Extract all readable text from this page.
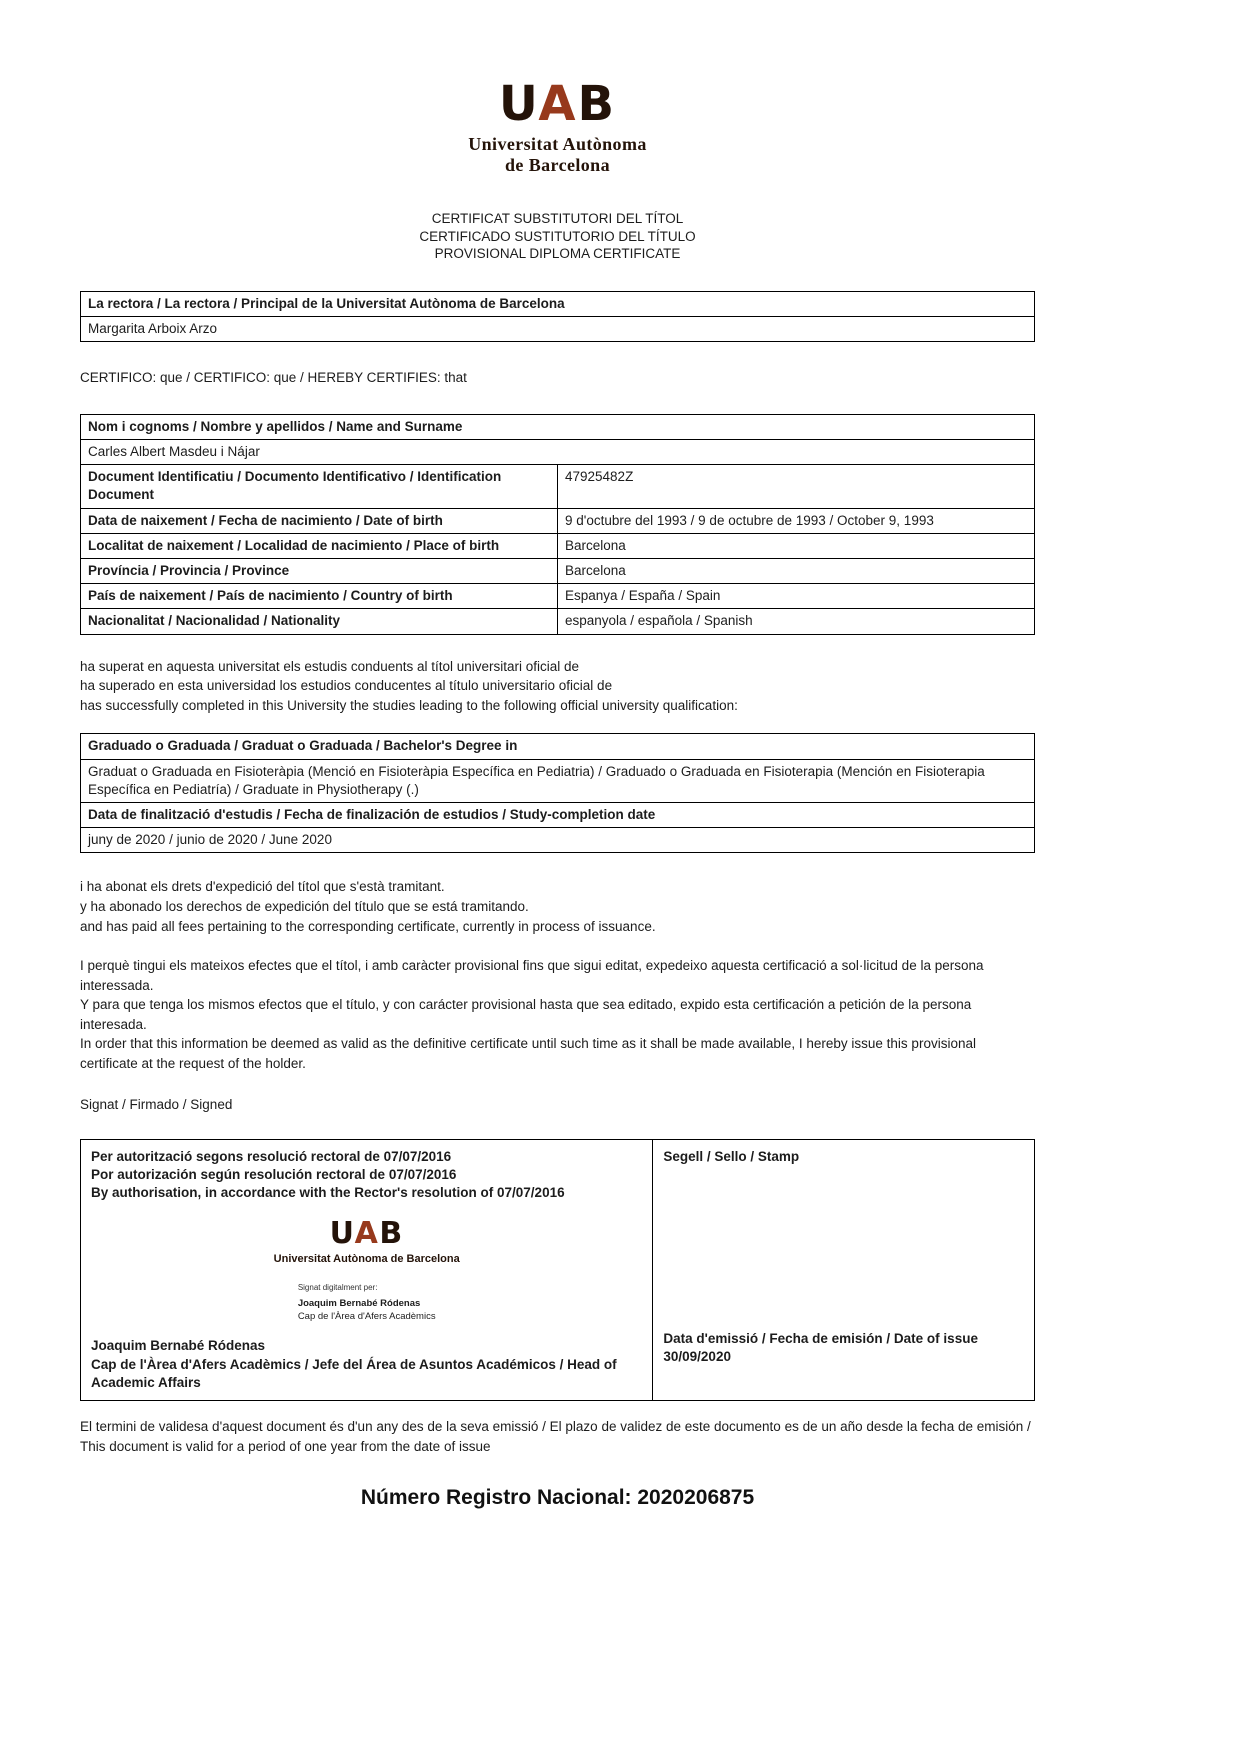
UAB
Universitat Autònoma
de Barcelona
CERTIFICAT SUBSTITUTORI DEL TÍTOL
CERTIFICADO SUSTITUTORIO DEL TÍTULO
PROVISIONAL DIPLOMA CERTIFICATE
La rectora / La rectora / Principal de la Universitat Autònoma de Barcelona
Margarita Arboix Arzo

CERTIFICO: que / CERTIFICO: que / HEREBY CERTIFIES: that

Nom i cognoms / Nombre y apellidos / Name and Surname	
Carles Albert Masdeu i Nájar	
Document Identificatiu / Documento Identificativo / Identification Document	47925482Z
Data de naixement / Fecha de nacimiento / Date of birth	9 d'octubre del 1993 / 9 de octubre de 1993 / October 9, 1993
Localitat de naixement / Localidad de nacimiento / Place of birth	Barcelona
Província / Provincia / Province	Barcelona
País de naixement / País de nacimiento / Country of birth	Espanya / España / Spain
Nacionalitat / Nacionalidad / Nationality	espanyola / española / Spanish
ha superat en aquesta universitat els estudis conduents al títol universitari oficial de
ha superado en esta universidad los estudios conducentes al título universitario oficial de
has successfully completed in this University the studies leading to the following official university qualification:
Graduado o Graduada / Graduat o Graduada / Bachelor's Degree in
Graduat o Graduada en Fisioteràpia (Menció en Fisioteràpia Específica en Pediatria) / Graduado o Graduada en Fisioterapia (Mención en Fisioterapia Específica en Pediatría) / Graduate in Physiotherapy (.)
Data de finalització d'estudis / Fecha de finalización de estudios / Study-completion date
juny de 2020 / junio de 2020 / June 2020
i ha abonat els drets d'expedició del títol que s'està tramitant.
y ha abonado los derechos de expedición del título que se está tramitando.
and has paid all fees pertaining to the corresponding certificate, currently in process of issuance.
I perquè tingui els mateixos efectes que el títol, i amb caràcter provisional fins que sigui editat, expedeixo aquesta certificació a sol·licitud de la persona interessada.
Y para que tenga los mismos efectos que el título, y con carácter provisional hasta que sea editado, expido esta certificación a petición de la persona interesada.
In order that this information be deemed as valid as the definitive certificate until such time as it shall be made available, I hereby issue this provisional certificate at the request of the holder.

Signat / Firmado / Signed

Per autorització segons resolució rectoral de 07/07/2016
Por autorización según resolución rectoral de 07/07/2016
By authorisation, in accordance with the Rector's resolution of 07/07/2016
UAB
Universitat Autònoma de Barcelona
Signat digitalment per:
Joaquim Bernabé Ródenas
Cap de l'Àrea d'Afers Acadèmics
Joaquim Bernabé Ródenas
Cap de l'Àrea d'Afers Acadèmics / Jefe del Área de Asuntos Académicos / Head of Academic Affairs

Segell / Sello / Stamp
Data d'emissió / Fecha de emisión / Date of issue
30/09/2020

El termini de validesa d'aquest document és d'un any des de la seva emissió / El plazo de validez de este documento es de un año desde la fecha de emisión / This document is valid for a period of one year from the date of issue

Número Registro Nacional: 2020206875
